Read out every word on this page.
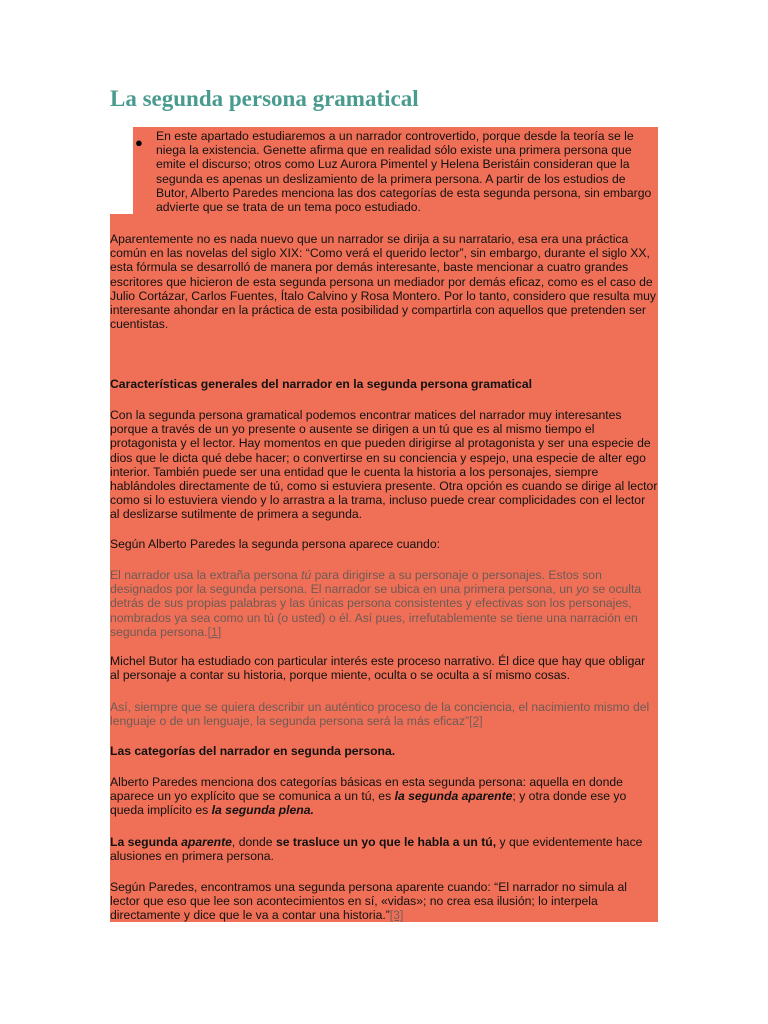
La segunda persona gramatical
● En este apartado estudiaremos a un narrador controvertido, porque desde la teoría se le niega la existencia. Genette afirma que en realidad sólo existe una primera persona que emite el discurso; otros como Luz Aurora Pimentel y Helena Beristáin consideran que la segunda es apenas un deslizamiento de la primera persona. A partir de los estudios de Butor, Alberto Paredes menciona las dos categorías de esta segunda persona, sin embargo advierte que se trata de un tema poco estudiado.

Aparentemente no es nada nuevo que un narrador se dirija a su narratario, esa era una práctica común en las novelas del siglo XIX: “Como verá el querido lector”, sin embargo, durante el siglo XX, esta fórmula se desarrolló de manera por demás interesante, baste mencionar a cuatro grandes escritores que hicieron de esta segunda persona un mediador por demás eficaz, como es el caso de Julio Cortázar, Carlos Fuentes, Ítalo Calvino y Rosa Montero. Por lo tanto, considero que resulta muy interesante ahondar en la práctica de esta posibilidad y compartirla con aquellos que pretenden ser cuentistas.

Características generales del narrador en la segunda persona gramatical

Con la segunda persona gramatical podemos encontrar matices del narrador muy interesantes porque a través de un yo presente o ausente se dirigen a un tú que es al mismo tiempo el protagonista y el lector. Hay momentos en que pueden dirigirse al protagonista y ser una especie de dios que le dicta qué debe hacer; o convertirse en su conciencia y espejo, una especie de alter ego interior. También puede ser una entidad que le cuenta la historia a los personajes, siempre hablándoles directamente de tú, como si estuviera presente. Otra opción es cuando se dirige al lector como si lo estuviera viendo y lo arrastra a la trama, incluso puede crear complicidades con el lector al deslizarse sutilmente de primera a segunda.

Según Alberto Paredes la segunda persona aparece cuando:

El narrador usa la extraña persona tú para dirigirse a su personaje o personajes. Estos son designados por la segunda persona. El narrador se ubica en una primera persona, un yo se oculta detrás de sus propias palabras y las únicas persona consistentes y efectivas son los personajes, nombrados ya sea como un tú (o usted) o él. Así pues, irrefutablemente se tiene una narración en segunda persona.[1]

Michel Butor ha estudiado con particular interés este proceso narrativo. Él dice que hay que obligar al personaje a contar su historia, porque miente, oculta o se oculta a sí mismo cosas.

Así, siempre que se quiera describir un auténtico proceso de la conciencia, el nacimiento mismo del lenguaje o de un lenguaje, la segunda persona será la más eficaz”[2]

Las categorías del narrador en segunda persona.

Alberto Paredes menciona dos categorías básicas en esta segunda persona: aquella en donde aparece un yo explícito que se comunica a un tú, es la segunda aparente; y otra donde ese yo queda implícito es la segunda plena.

La segunda aparente, donde se trasluce un yo que le habla a un tú, y que evidentemente hace alusiones en primera persona.

Según Paredes, encontramos una segunda persona aparente cuando: “El narrador no simula al lector que eso que lee son acontecimientos en sí, «vidas»; no crea esa ilusión; lo interpela directamente y dice que le va a contar una historia.”[3]
